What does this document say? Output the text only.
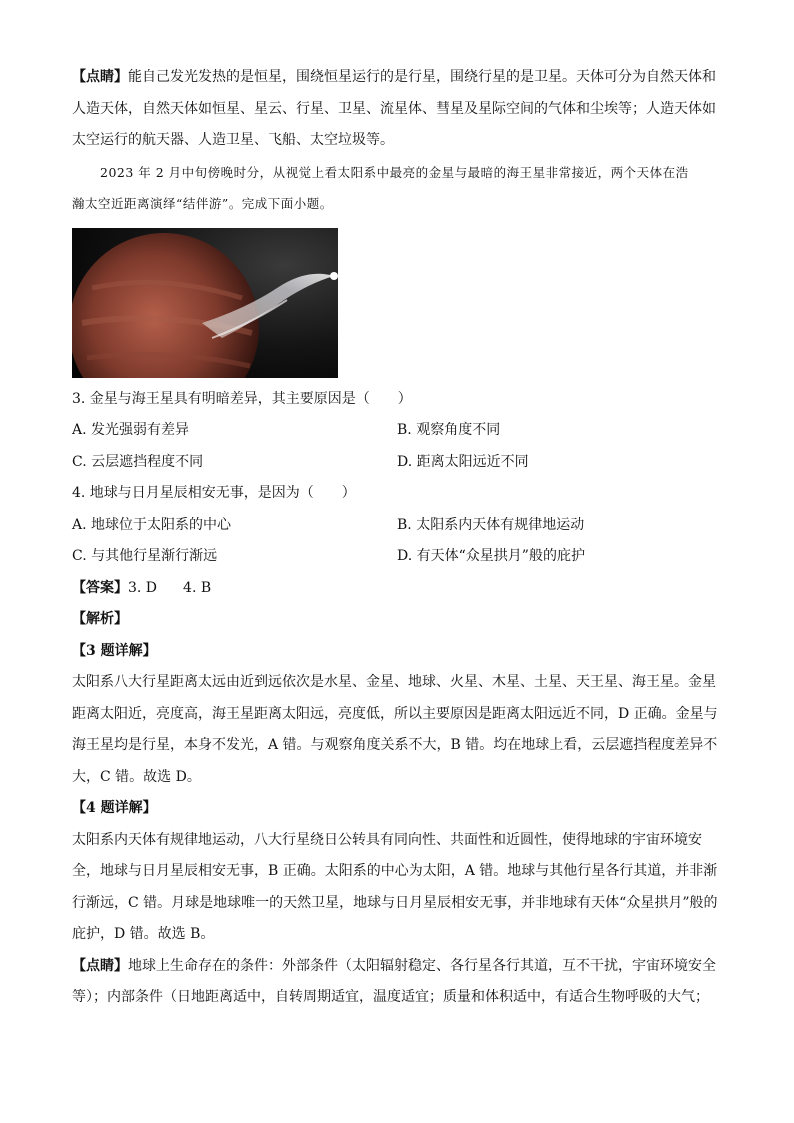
【点睛】能自己发光发热的是恒星，围绕恒星运行的是行星，围绕行星的是卫星。天体可分为自然天体和
人造天体，自然天体如恒星、星云、行星、卫星、流星体、彗星及星际空间的气体和尘埃等；人造天体如
太空运行的航天器、人造卫星、飞船、太空垃圾等。
2023 年 2 月中旬傍晚时分，从视觉上看太阳系中最亮的金星与最暗的海王星非常接近，两个天体在浩
瀚太空近距离演绎“结伴游”。完成下面小题。
3. 金星与海王星具有明暗差异，其主要原因是（　　）
A. 发光强弱有差异	B. 观察角度不同
C. 云层遮挡程度不同	D. 距离太阳远近不同
4. 地球与日月星辰相安无事，是因为（　　）
A. 地球位于太阳系的中心	B. 太阳系内天体有规律地运动
C. 与其他行星渐行渐远	D. 有天体“众星拱月”般的庇护
【答案】3. D 4. B
【解析】
【3 题详解】
太阳系八大行星距离太远由近到远依次是水星、金星、地球、火星、木星、土星、天王星、海王星。金星
距离太阳近，亮度高，海王星距离太阳远，亮度低，所以主要原因是距离太阳远近不同，D 正确。金星与
海王星均是行星，本身不发光，A 错。与观察角度关系不大，B 错。均在地球上看，云层遮挡程度差异不
大，C 错。故选 D。
【4 题详解】
太阳系内天体有规律地运动，八大行星绕日公转具有同向性、共面性和近圆性，使得地球的宇宙环境安
全，地球与日月星辰相安无事，B 正确。太阳系的中心为太阳，A 错。地球与其他行星各行其道，并非渐
行渐远，C 错。月球是地球唯一的天然卫星，地球与日月星辰相安无事，并非地球有天体“众星拱月”般的
庇护，D 错。故选 B。
【点睛】地球上生命存在的条件：外部条件（太阳辐射稳定、各行星各行其道，互不干扰，宇宙环境安全
等）；内部条件（日地距离适中，自转周期适宜，温度适宜；质量和体积适中，有适合生物呼吸的大气；
